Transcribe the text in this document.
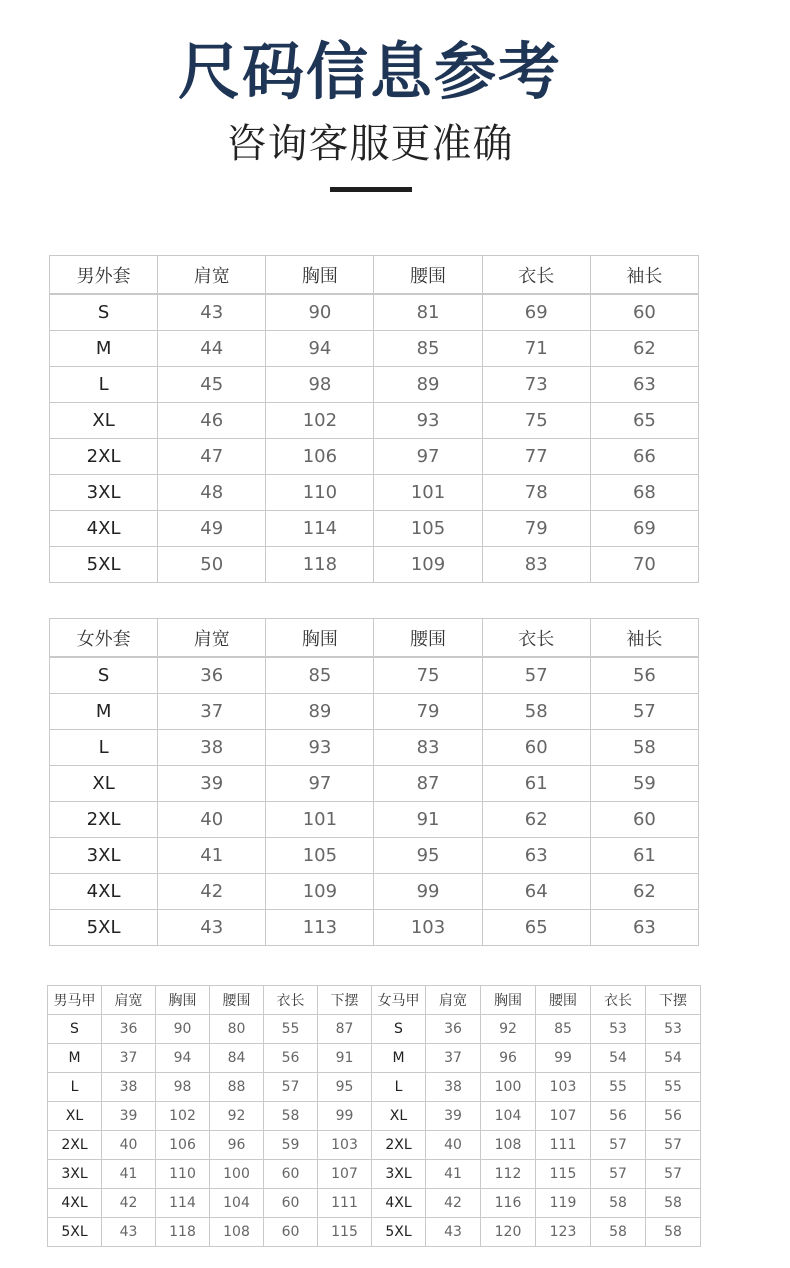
尺码信息参考
咨询客服更准确
男外套	肩宽	胸围	腰围	衣长	袖长
S	43	90	81	69	60
M	44	94	85	71	62
L	45	98	89	73	63
XL	46	102	93	75	65
2XL	47	106	97	77	66
3XL	48	110	101	78	68
4XL	49	114	105	79	69
5XL	50	118	109	83	70
女外套	肩宽	胸围	腰围	衣长	袖长
S	36	85	75	57	56
M	37	89	79	58	57
L	38	93	83	60	58
XL	39	97	87	61	59
2XL	40	101	91	62	60
3XL	41	105	95	63	61
4XL	42	109	99	64	62
5XL	43	113	103	65	63
男马甲	肩宽	胸围	腰围	衣长	下摆	女马甲	肩宽	胸围	腰围	衣长	下摆
S	36	90	80	55	87	S	36	92	85	53	53
M	37	94	84	56	91	M	37	96	99	54	54
L	38	98	88	57	95	L	38	100	103	55	55
XL	39	102	92	58	99	XL	39	104	107	56	56
2XL	40	106	96	59	103	2XL	40	108	111	57	57
3XL	41	110	100	60	107	3XL	41	112	115	57	57
4XL	42	114	104	60	111	4XL	42	116	119	58	58
5XL	43	118	108	60	115	5XL	43	120	123	58	58
